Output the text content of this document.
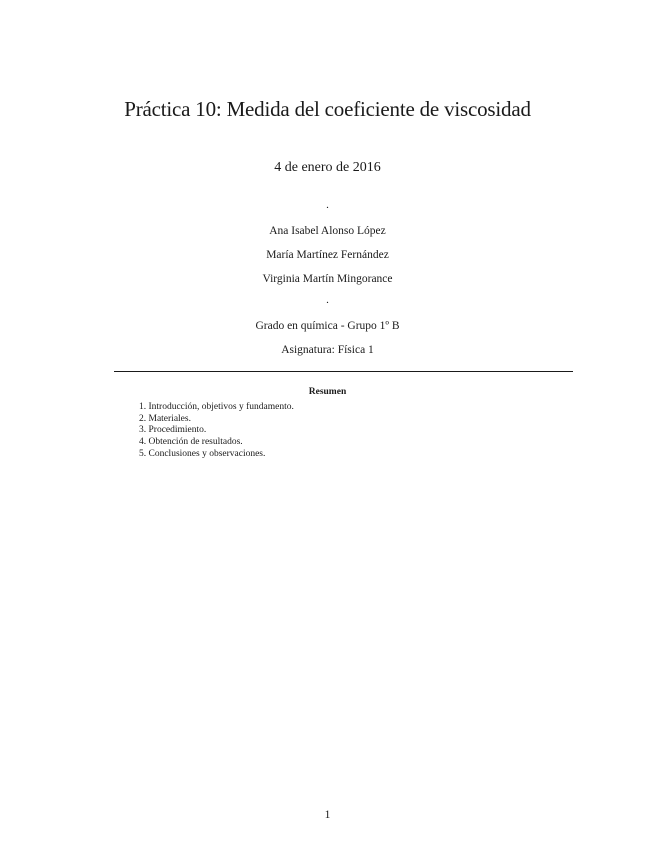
Práctica 10: Medida del coeficiente de viscosidad
4 de enero de 2016
.
Ana Isabel Alonso López
María Martínez Fernández
Virginia Martín Mingorance
.
Grado en química - Grupo 1º B
Asignatura: Física 1
Resumen
1. Introducción, objetivos y fundamento.
2. Materiales.
3. Procedimiento.
4. Obtención de resultados.
5. Conclusiones y observaciones.
1
